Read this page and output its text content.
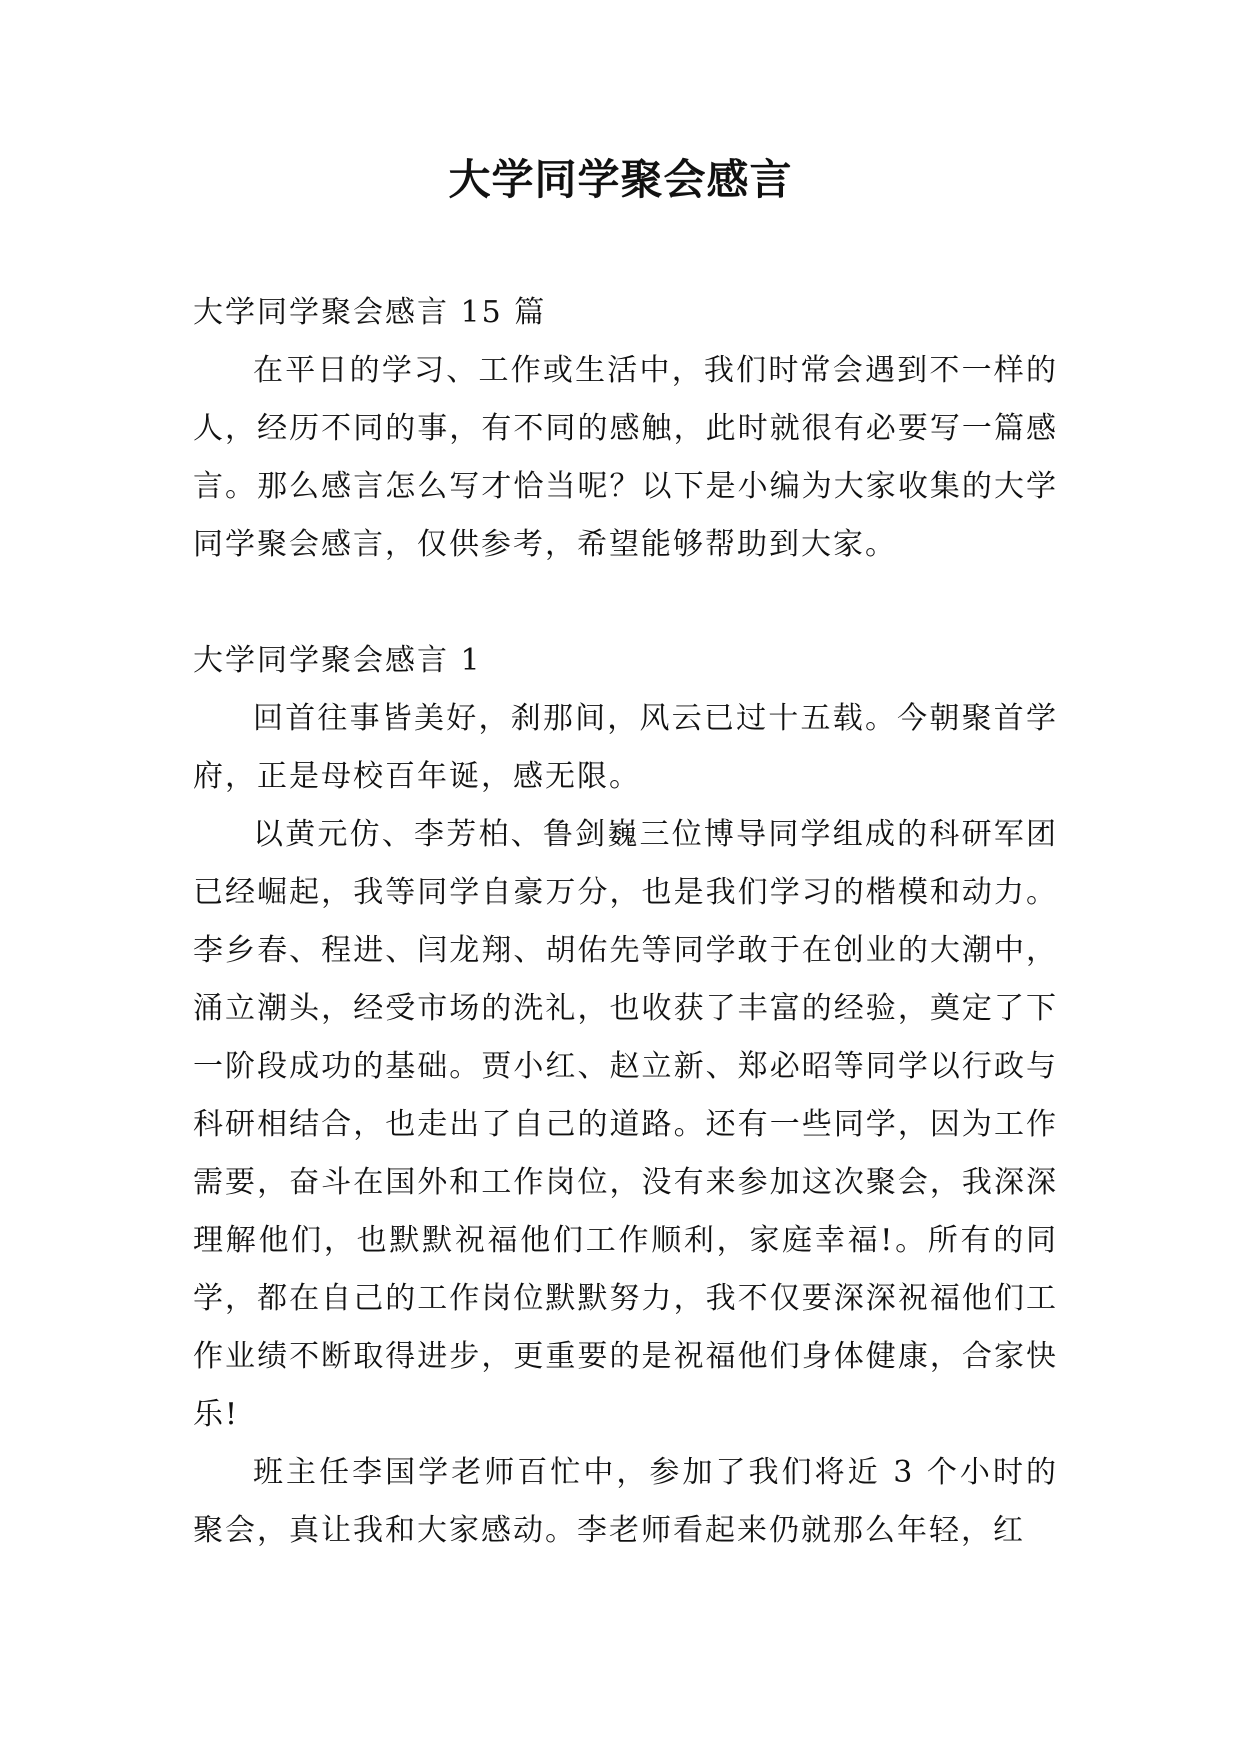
大学同学聚会感言

大学同学聚会感言 15 篇

在平日的学习、工作或生活中，我们时常会遇到不一样的人，经历不同的事，有不同的感触，此时就很有必要写一篇感言。那么感言怎么写才恰当呢？以下是小编为大家收集的大学同学聚会感言，仅供参考，希望能够帮助到大家。

大学同学聚会感言 1

回首往事皆美好，刹那间，风云已过十五载。今朝聚首学府，正是母校百年诞，感无限。

以黄元仿、李芳柏、鲁剑巍三位博导同学组成的科研军团已经崛起，我等同学自豪万分，也是我们学习的楷模和动力。李乡春、程进、闫龙翔、胡佑先等同学敢于在创业的大潮中，涌立潮头，经受市场的洗礼，也收获了丰富的经验，奠定了下一阶段成功的基础。贾小红、赵立新、郑必昭等同学以行政与科研相结合，也走出了自己的道路。还有一些同学，因为工作需要，奋斗在国外和工作岗位，没有来参加这次聚会，我深深理解他们，也默默祝福他们工作顺利，家庭幸福!。所有的同学，都在自己的工作岗位默默努力，我不仅要深深祝福他们工作业绩不断取得进步，更重要的是祝福他们身体健康，合家快乐!

班主任李国学老师百忙中，参加了我们将近 3 个小时的聚会，真让我和大家感动。李老师看起来仍就那么年轻，红
